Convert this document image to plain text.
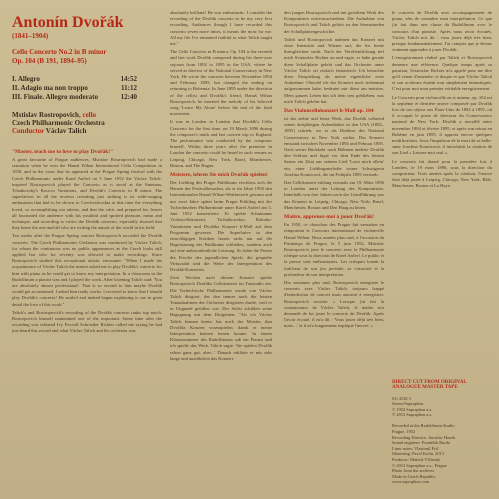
Antonín Dvořák
(1841–1904)
Cello Concerto No.2 in B minor
Op. 104 (B 191, 1894–95)
I. Allegro	14:52
II. Adagio ma non troppo	11:12
III. Finale. Allegro moderato	12:40
Mstislav Rostropovich, cello
Czech Philharmonic Orchestra
Conductor Václav Talich
"Master, teach me to love to play Dvořák!"

A great favourite of Prague audiences, Mstislav Rostropovich had made a sensation when he won the Hanuš Wihan International Cello Competition in 1950, and in the years that he appeared at the Prague Spring festival with the Czech Philharmonic under Karel Ančerl on 5 June 1952 the Väclav Talich-inspired Rostropovich played the Concerto as it stood at the Smetana, Tchaikovsky's Rococo Variations, and Dvořák's Concerto in B minor. The superlatives in all the reviews revealing just striking is its wide-ranging enthusiasm that had to be shown to Czechoslovakia at that time the everything loved, so accomplishing our talents, and that the critic and prepared for, leaves all fascinated the audience with his youthful and spirited pleasure, mean and technique, and according to critics the Dvořák concerto, especially showed that they knew the one-and-all who are writing the annals of the world in his field.

Ten weeks after the Prague Spring concert Rostropovich recorded the Dvořák concerto. The Czech Philharmonic Orchestra was conducted by Václav Talich, for whom the continuous was no public appearances as the Czech looks still applied but who for seventy was allowed to make recordings. Since Rostropovich studied this exceptional artistic encounter: "When I made the acquaintance of Václav Talich the master asked me to play Dvořák's concerto for him with piano as he could get to know my interpretation. In a classroom in the Rudolfinum a pianist was and I played the work. After listening Talich said: 'You are absolutely almost professional'. That is so second to him maybe Dvořák would get accustomed. I asked him ready works. I received to know that I should play Dvořák's concerto! He smiled and indeed began explaining to me in great detail the love of this work."

Talich's and Rostropovich's recording of the Dvořák concerto ranks top notch. Rostropovich himself maintained one of the important. Some time after the recording was released Ivy Fircroll Schroeder Richter called me saying he had just heard this record and what Václav Talich and his orchestra was

absolutely brilliant! He was enthusiastic. I consider the recording of the Dvořák concerto to be my very first recording. Audiences though I have recorded this concerto seven more times, it means the most for me. All my life I've remained faithful to what Talich taught me."

The Cello Concerto in B minor, Op. 104 is the seventh and last work Dvořák composed during his three-year sojourn from 1892 to 1895 in the USA, where he served as director of the National Conservatory in New York. He wrote the concerto between November 1894 and February 1895, but changed the ending on returning to Bohemia. In June 1895 under the direction of the cellist and Dvořák's friend, Hanuš Wihan Rostropovich, he inserted the melody of his beloved song 'Leave Me Alone' before the end of the final movement.

It was in London in London that Dvořák's Cello Concerto for the first time, on 19 March 1896 during the composer's ninth and last concert trip to England. The performance was conducted by the composer himself. Within three years after the premiere in London the concerto could be heard in such venues as Leipzig, Chicago, New York, Basel, Manchester, Boston, and The Hague.

Meistere, lehren Sie mich Dvořák spielen!

Der Liebling des Prager Publikums erschloss sich die Herzen der Festivalbesucher, als er im Jahre 1950 den Internationalen Hanuš-Wihan-Wettbewerb gewann und nur zwei Jahre später beim Prager Frühling mit der Tschechischen Philharmonie unter Karel Ančerl am 5. Juni 1952 konzertierte. Er spielte Schumanns Violoncellokonzert, Tschaikowskys Rokoko-Variationen und Dvořáks Konzert h-Moll auf dem Programm gewesen. Die Superlative in den einschlägigen Kritiken lassen nicht nur auf die Begeisterung des Publikums schließen, sondern auch auf eine außerordentliche Leistung. So lobte die Presse die Frische des jugendlichen Spiels, die gespielte Virtuosität und die Weite der Interpretation des Dvořák-Konzertes.

Zwei Wochen nach diesem Konzert spielte Rostropovich Dvořáks Cellokonzert im Tonstudio ein. Die Tschechische Philharmonie wurde von Václav Talich dirigiert, der den immer noch die letzten Tonaufnahmen der Orchester dirigieren durfte, weil er in Ungnade gefallen war. Der Solist schildert seine Begegnung mit dem Dirigenten: "Als ich Václav Talich kennen lernte, bat mich der Meister, ihm Dvořáks Konzert vorzuspielen, damit er meine Interpretation kennen lernen konnte. In einem Klassenzimmer des Rudolfinums saß ein Pianist und ich spielte das Werk. Talich sagte: 'Sie spielen Dvořák schon ganz gut, aber...' Danach erklärte er mir sehr lange und ausführlich das Konzert.

den jungen Rostropovich und mit geteiltem Werk des Komponisten weiterzuschreiben. Die Aufnahme von Rostropovich und Talich gehört zu den Sternstunden der Schallplattengeschichte.

Talich und Rostropovich nahmen das Konzert mit einer Intensität und Wärme auf, die bis heute ihresgleichen sucht. Nach der Veröffentlichung rief mich Sviatoslav Richter an und sagte, er habe gerade diese Schallplatte gehört und das Orchester unter Václav Talich sei einfach fantastisch. Ich betrachte diese Einspielung als meine eigentliche erste Aufnahme. Obwohl ich das Konzert noch siebenmal aufgenommen habe, bedeutet mir diese am meisten. Mein ganzes Leben bin ich dem treu geblieben, was mich Talich gelehrt hat.

Das Violoncellokonzert h-Moll op. 104

ist das siebte und letzte Werk, das Dvořák während seines dreijährigen Aufenthaltes in den USA (1892–1895) schrieb, wo er als Direktor des National Conservatory in New York wirkte. Das Konzert entstand zwischen November 1894 und Februar 1895. Nach seiner Rückkehr nach Böhmen änderte Dvořák den Schluss und fügte vor dem Ende des letzten Satzes ein Zitat aus seinem Lied 'Lasst mich allein' ein, einer Lieblingsmelodie seiner Schwägerin Josefina Kounicová, die im Frühjahr 1895 verstarb.

Das Cellokonzert erklang erstmals am 19. März 1896 in London unter der Leitung des Komponisten. Innerhalb von drei Jahren nach der Uraufführung war das Konzert in Leipzig, Chicago, New York, Basel, Manchester, Boston und Den Haag zu hören.

Maître, apprenez-moi à jouer Dvořák!

En 1950, ce chouchou des Prague fait sensation en remportant le Concours international de violoncelle Hanuš Wihan. Deux années plus tard, à l'occasion du Printemps de Prague, le 5 juin 1952, Mstislav Rostropovich joue le concerto avec la Philharmonie tchèque sous la direction de Karel Ančerl. Le public et la presse sont enthousiastes. Les critiques louent la fraîcheur de son jeu juvénile, sa virtuosité et la profondeur de son interprétation.

Dix semaines plus tard, Rostropovich enregistre le concerto avec Václav Talich, toujours frappé d'interdiction de concert mais autorisé à enregistrer. Rostropovich raconte: « Lorsque j'ai fait la connaissance de Václav Talich, le maître m'a demandé de lui jouer le concerto de Dvořák. Après l'avoir écouté, il m'a dit : 'Vous jouez déjà très bien, mais…' et il m'a longuement expliqué l'œuvre. »

le concerto de Dvořák avec accompagnement de piano, afin de connaître mon interprétation. Ce que j'ai fait dans une classe du Rudolfinum avec le concours d'un pianiste. Après nous avoir écoutés, Václav Talich m'a dit : vous jouez déjà très bien, presque fondamentalement. J'ai compris que je devais vraiment apprendre à jouer Dvořák.

L'enregistrement réalisé par Talich et Rostropovich demeure une référence. Quelque temps après sa parution, Sviatoslav Richter m'a appelé pour me dire qu'il venait d'entendre ce disque et que Václav Talich et son orchestre étaient tout simplement fantastiques. C'est pour moi mon premier véritable enregistrement.

Le Concerto pour violoncelle en si mineur, op. 104 est la septième et dernière œuvre composée par Dvořák lors de son séjour aux États-Unis de 1892 à 1895, où il occupait le poste de directeur du Conservatoire national de New York. Dvořák a travaillé entre novembre 1894 et février 1895, et après son retour en Bohême en juin 1895, il apporta encore quelques modifications. Sous l'impulsion de la mort de sa belle-sœur Josefina Kounicová, il introduisit la citation de son Lied « Laissez-moi seul ».

Le concerto fut donné pour la première fois à Londres, le 19 mars 1896, sous la direction du compositeur. Trois années après la création, l'œuvre était déjà jouée à Leipzig, Chicago, New York, Bâle, Manchester, Boston et La Haye.

DIRECT CUT FROM ORIGINAL ANALOGUE MASTER TAPE
SU 4138-1
Stereo/Supraphon
© 1952 Supraphon a.s.
℗ 2013 Supraphon a.s.

Recorded at the Rudolfinum Studio
Prague, 1952
Recording Director: Jaroslav Hozek
Sound engineer: František Burda
Liner notes: Vlastimil Frič
Mastering: Pavel Kolín, 2013
Producer: Matouš Vlčinský
© 2013 Supraphon a.s., Prague
Photo from the archives
Made in Czech Republic
www.supraphon.com
